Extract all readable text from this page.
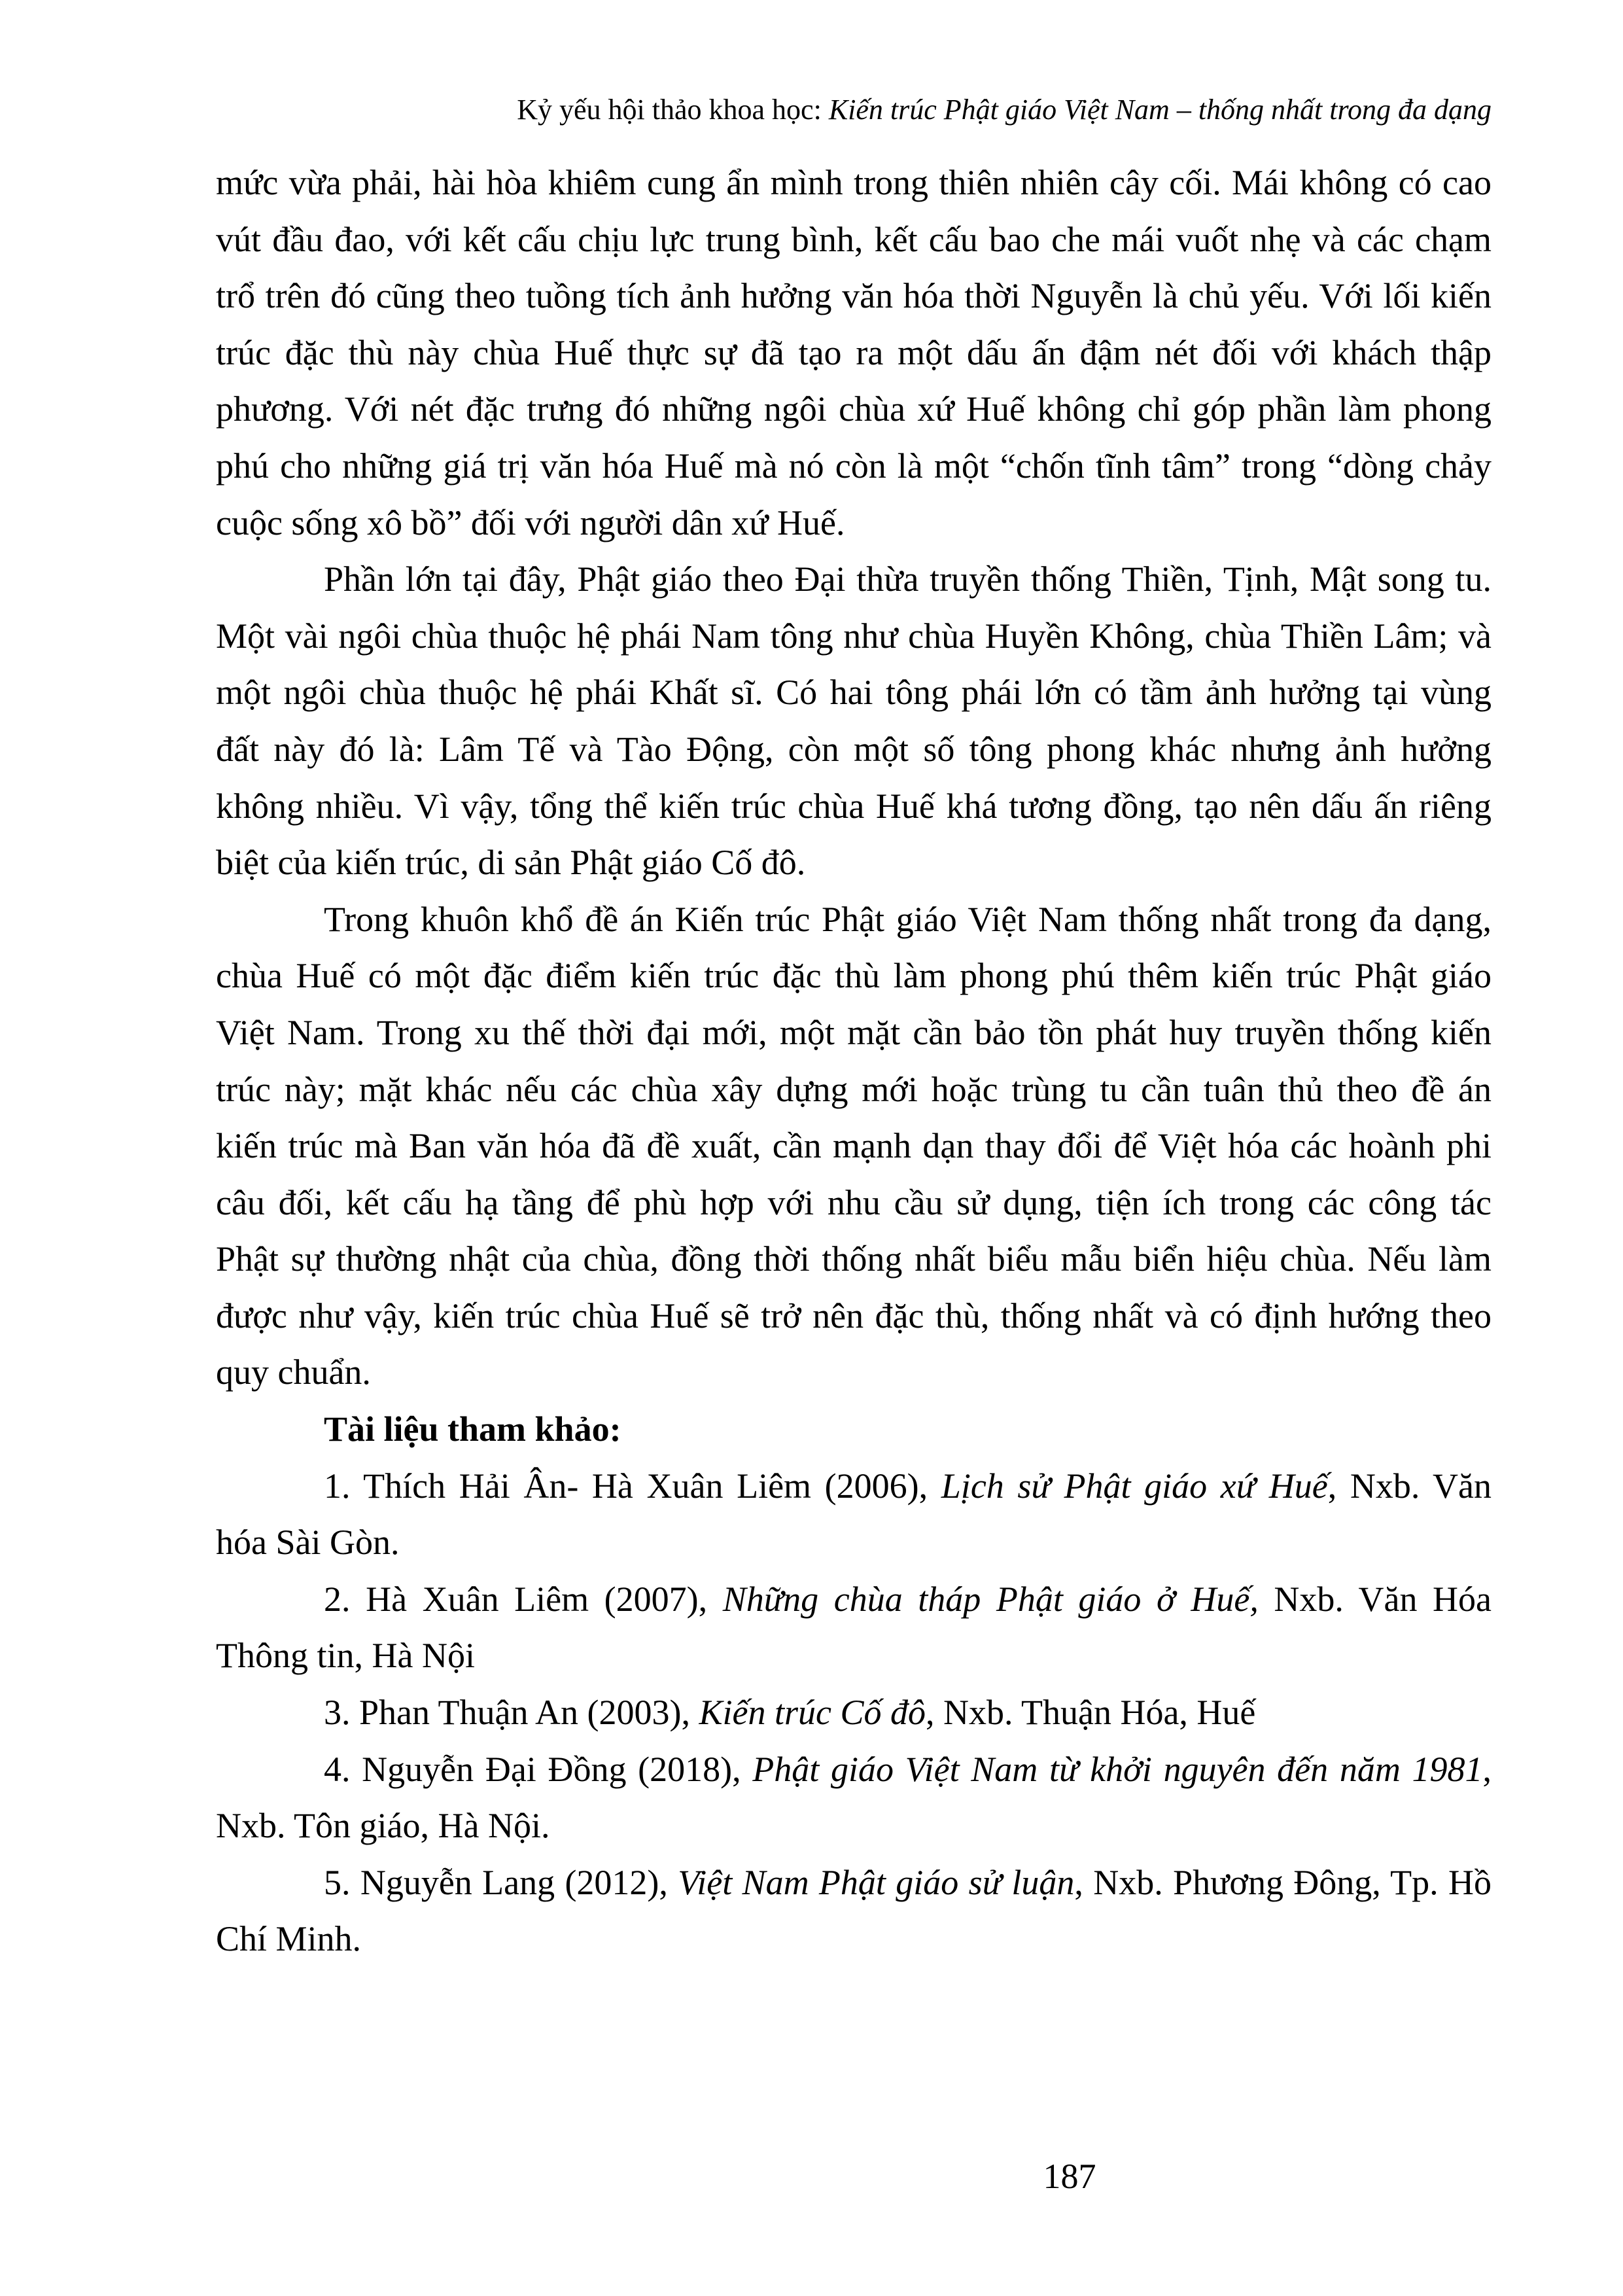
Kỷ yếu hội thảo khoa học: Kiến trúc Phật giáo Việt Nam – thống nhất trong đa dạng
mức vừa phải, hài hòa khiêm cung ẩn mình trong thiên nhiên cây cối. Mái không có cao
vút đầu đao, với kết cấu chịu lực trung bình, kết cấu bao che mái vuốt nhẹ và các chạm
trổ trên đó cũng theo tuồng tích ảnh hưởng văn hóa thời Nguyễn là chủ yếu. Với lối kiến
trúc đặc thù này chùa Huế thực sự đã tạo ra một dấu ấn đậm nét đối với khách thập
phương. Với nét đặc trưng đó những ngôi chùa xứ Huế không chỉ góp phần làm phong
phú cho những giá trị văn hóa Huế mà nó còn là một “chốn tĩnh tâm” trong “dòng chảy
cuộc sống xô bồ” đối với người dân xứ Huế.
Phần lớn tại đây, Phật giáo theo Đại thừa truyền thống Thiền, Tịnh, Mật song tu.
Một vài ngôi chùa thuộc hệ phái Nam tông như chùa Huyền Không, chùa Thiền Lâm; và
một ngôi chùa thuộc hệ phái Khất sĩ. Có hai tông phái lớn có tầm ảnh hưởng tại vùng
đất này đó là: Lâm Tế và Tào Động, còn một số tông phong khác nhưng ảnh hưởng
không nhiều. Vì vậy, tổng thể kiến trúc chùa Huế khá tương đồng, tạo nên dấu ấn riêng
biệt của kiến trúc, di sản Phật giáo Cố đô.
Trong khuôn khổ đề án Kiến trúc Phật giáo Việt Nam thống nhất trong đa dạng,
chùa Huế có một đặc điểm kiến trúc đặc thù làm phong phú thêm kiến trúc Phật giáo
Việt Nam. Trong xu thế thời đại mới, một mặt cần bảo tồn phát huy truyền thống kiến
trúc này; mặt khác nếu các chùa xây dựng mới hoặc trùng tu cần tuân thủ theo đề án
kiến trúc mà Ban văn hóa đã đề xuất, cần mạnh dạn thay đổi để Việt hóa các hoành phi
câu đối, kết cấu hạ tầng để phù hợp với nhu cầu sử dụng, tiện ích trong các công tác
Phật sự thường nhật của chùa, đồng thời thống nhất biểu mẫu biển hiệu chùa. Nếu làm
được như vậy, kiến trúc chùa Huế sẽ trở nên đặc thù, thống nhất và có định hướng theo
quy chuẩn.
Tài liệu tham khảo:
1. Thích Hải Ân- Hà Xuân Liêm (2006), Lịch sử Phật giáo xứ Huế, Nxb. Văn
hóa Sài Gòn.
2. Hà Xuân Liêm (2007), Những chùa tháp Phật giáo ở Huế, Nxb. Văn Hóa
Thông tin, Hà Nội
3. Phan Thuận An (2003), Kiến trúc Cố đô, Nxb. Thuận Hóa, Huế
4. Nguyễn Đại Đồng (2018), Phật giáo Việt Nam từ khởi nguyên đến năm 1981,
Nxb. Tôn giáo, Hà Nội.
5. Nguyễn Lang (2012), Việt Nam Phật giáo sử luận, Nxb. Phương Đông, Tp. Hồ
Chí Minh.
187
